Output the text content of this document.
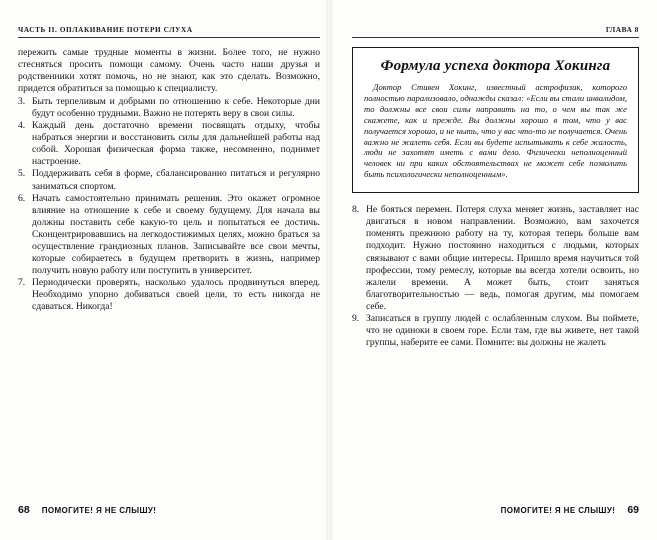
ЧАСТЬ II. ОПЛАКИВАНИЕ ПОТЕРИ СЛУХА

пережить самые трудные моменты в жизни. Более того, не нужно стесняться просить помощи самому. Очень часто наши друзья и родственники хотят помочь, но не знают, как это сделать. Возможно, придется обратиться за помощью к специалисту.

3. Быть терпеливым и добрыми по отношению к себе. Некоторые дни будут особенно трудными. Важно не потерять веру в свои силы.
4. Каждый день достаточно времени посвящать отдыху, чтобы набраться энергии и восстановить силы для дальнейшей работы над собой. Хорошая физическая форма также, несомненно, поднимет настроение.
5. Поддерживать себя в форме, сбалансированно питаться и регулярно заниматься спортом.
6. Начать самостоятельно принимать решения. Это окажет огромное влияние на отношение к себе и своему будущему. Для начала вы должны поставить себе какую-то цель и попытаться ее достичь. Сконцентрировавшись на легкодостижимых целях, можно браться за осуществление грандиозных планов. Записывайте все свои мечты, которые собираетесь в будущем претворить в жизнь, например получить новую работу или поступить в университет.
7. Периодически проверять, насколько удалось продвинуться вперед. Необходимо упорно добиваться своей цели, то есть никогда не сдаваться. Никогда!
68 ПОМОГИТЕ! Я НЕ СЛЫШУ!
ГЛАВА 8
Формула успеха доктора Хокинга

Доктор Стивен Хокинг, известный астрофизик, которого полностью парализовало, однажды сказал: «Если вы стали инвалидом, то должны все свои силы направить на то, о чем вы так же скажете, как и прежде. Вы должны хорошо в том, что у вас получается хорошо, и не ныть, что у вас что-то не получается. Очень важно не жалеть себя. Если вы будете испытывать к себе жалость, люди не захотят иметь с вами дело. Физически неполноценный человек ни при каких обстоятельствах не может себе позволить быть психологически неполноценным».

8. Не бояться перемен. Потеря слуха меняет жизнь, заставляет нас двигаться в новом направлении. Возможно, вам захочется поменять прежнюю работу на ту, которая теперь больше вам подходит. Нужно постоянно находиться с людьми, которых связывают с вами общие интересы. Пришло время научиться той профессии, тому ремеслу, которые вы всегда хотели освоить, но жалели времени. А может быть, стоит заняться благотворительностью — ведь, помогая другим, мы помогаем себе.
9. Записаться в группу людей с ослабленным слухом. Вы поймете, что не одиноки в своем горе. Если там, где вы живете, нет такой группы, наберите ее сами. Помните: вы должны не жалеть
ПОМОГИТЕ! Я НЕ СЛЫШУ! 69
